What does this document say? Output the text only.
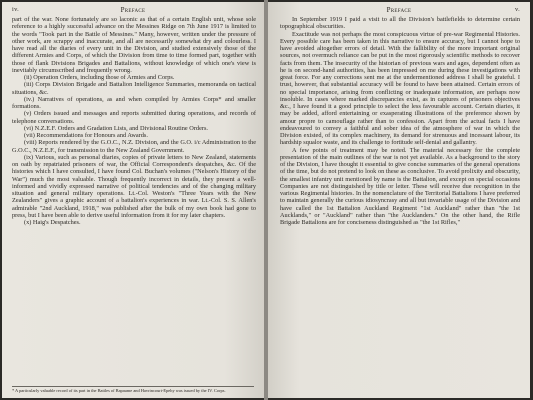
iv.	Preface

part of the war. None fortunately are so laconic as that of a certain English unit, whose sole reference to a highly successful advance on the Messines Ridge on 7th June 1917 is limited to the words "Took part in the Battle of Messines." Many, however, written under the pressure of other work, are scrappy and inaccurate, and all are necessarily somewhat dry and colourless. I have read all the diaries of every unit in the Division, and studied extensively those of the different Armies and Corps, of which the Division from time to time formed part, together with those of flank Divisions Brigades and Battalions, without knowledge of which one's view is inevitably circumscribed and frequently wrong.

(ii) Operation Orders, including those of Armies and Corps.

(iii) Corps Division Brigade and Battalion Intelligence Summaries, memoranda on tactical situations, &c.

(iv.) Narratives of operations, as and when compiled by Armies Corps* and smaller formations.

(v) Orders issued and messages and reports submitted during operations, and records of telephone conversations.

(vi) N.Z.E.F. Orders and Gradation Lists, and Divisional Routine Orders.

(vii) Recommendations for Honours and Awards.

(viii) Reports rendered by the G.O.C., N.Z. Division, and the G.O. i/c Administration to the G.O.C., N.Z.E.F., for transmission to the New Zealand Government.

(ix) Various, such as personal diaries, copies of private letters to New Zealand, statements on oath by repatriated prisoners of war, the Official Correspondent's despatches, &c. Of the histories which I have consulted, I have found Col. Buchan's volumes ("Nelson's History of the War") much the most valuable. Though frequently incorrect in details, they present a well-informed and vividly expressed narrative of political tendencies and of the changing military situation and general military operations. Lt.-Col. Weston's "Three Years with the New Zealanders" gives a graphic account of a battalion's experiences in war. Lt.-Col. S. S. Allen's admirable "2nd Auckland, 1918," was published after the bulk of my own book had gone to press, but I have been able to derive useful information from it for my later chapters.

(x) Haig's Despatches.

* A particularly valuable record of its part in the Battles of Bapaume and Havrincourt-Epehy was issued by the IV. Corps.
Preface	v.

In September 1919 I paid a visit to all the Division's battlefields to determine certain topographical obscurities.

Exactitude was not perhaps the most conspicuous virtue of pre-war Regimental Histories. Every possible care has been taken in this narrative to ensure accuracy, but I cannot hope to have avoided altogether errors of detail. With the fallibility of the more important original sources, not overmuch reliance can be put in the most rigorously scientific methods to recover facts from them. The insecurity of the historian of previous wars and ages, dependent often as he is on second-hand authorities, has been impressed on me during these investigations with great force. For any corrections sent me at the undermentioned address I shall be grateful. I trust, however, that substantial accuracy will be found to have been attained. Certain errors of no special importance, arising from conflicting or inadequate information, are perhaps now insoluble. In cases where marked discrepancies exist, as in captures of prisoners objectives &c., I have found it a good principle to select the less favourable account. Certain diaries, it may be added, afford entertaining or exasperating illustrations of the preference shown by amour propre to camouflage rather than to confession. Apart from the actual facts I have endeavoured to convey a faithful and sober idea of the atmosphere of war in which the Division existed, of its complex machinery, its demand for strenuous and incessant labour, its hardship squalor waste, and its challenge to fortitude self-denial and gallantry.

A few points of treatment may be noted. The material necessary for the complete presentation of the main outlines of the war is not yet available. As a background to the story of the Division, I have thought it essential to give concise summaries of the general operations of the time, but do not pretend to look on these as conclusive. To avoid prolixity and obscurity, the smallest infantry unit mentioned by name is the Battalion, and except on special occasions Companies are not distinguished by title or letter. These will receive due recognition in the various Regimental histories. In the nomenclature of the Territorial Battalions I have preferred to maintain generally the curious idiosyncrasy and all but invariable usage of the Division and have called the 1st Battalion Auckland Regiment "1st Auckland" rather than "the 1st Aucklands," or "Auckland" rather than "the Aucklanders." On the other hand, the Rifle Brigade Battalions are for conciseness distinguished as "the 1st Rifles,"
